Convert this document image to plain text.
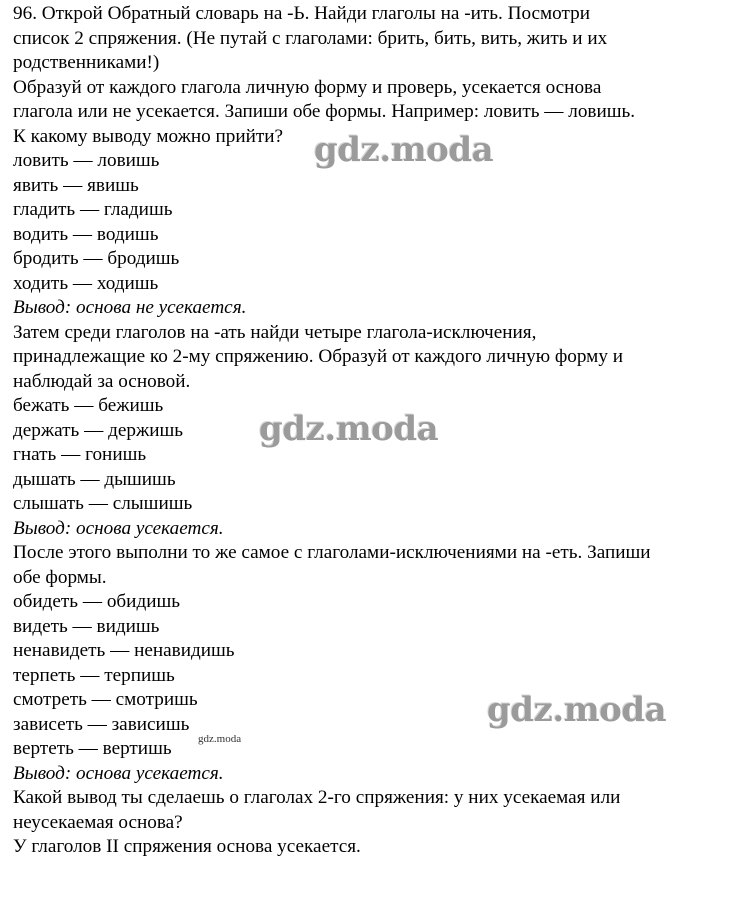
96. Открой Обратный словарь на -Ь. Найди глаголы на -ить. Посмотри
список 2 спряжения. (Не путай с глаголами: брить, бить, вить, жить и их
родственниками!)
Образуй от каждого глагола личную форму и проверь, усекается основа
глагола или не усекается. Запиши обе формы. Например: ловить — ловишь.
К какому выводу можно прийти?
ловить — ловишь
явить — явишь
гладить — гладишь
водить — водишь
бродить — бродишь
ходить — ходишь
Вывод: основа не усекается.
Затем среди глаголов на -ать найди четыре глагола-исключения,
принадлежащие ко 2-му спряжению. Образуй от каждого личную форму и
наблюдай за основой.
бежать — бежишь
держать — держишь
гнать — гонишь
дышать — дышишь
слышать — слышишь
Вывод: основа усекается.
После этого выполни то же самое с глаголами-исключениями на -еть. Запиши
обе формы.
обидеть — обидишь
видеть — видишь
ненавидеть — ненавидишь
терпеть — терпишь
смотреть — смотришь
зависеть — зависишь
вертеть — вертишь
Вывод: основа усекается.
Какой вывод ты сделаешь о глаголах 2-го спряжения: у них усекаемая или
неусекаемая основа?
У глаголов II спряжения основа усекается.
gdz.moda
gdz.moda
gdz.moda
gdz.moda
